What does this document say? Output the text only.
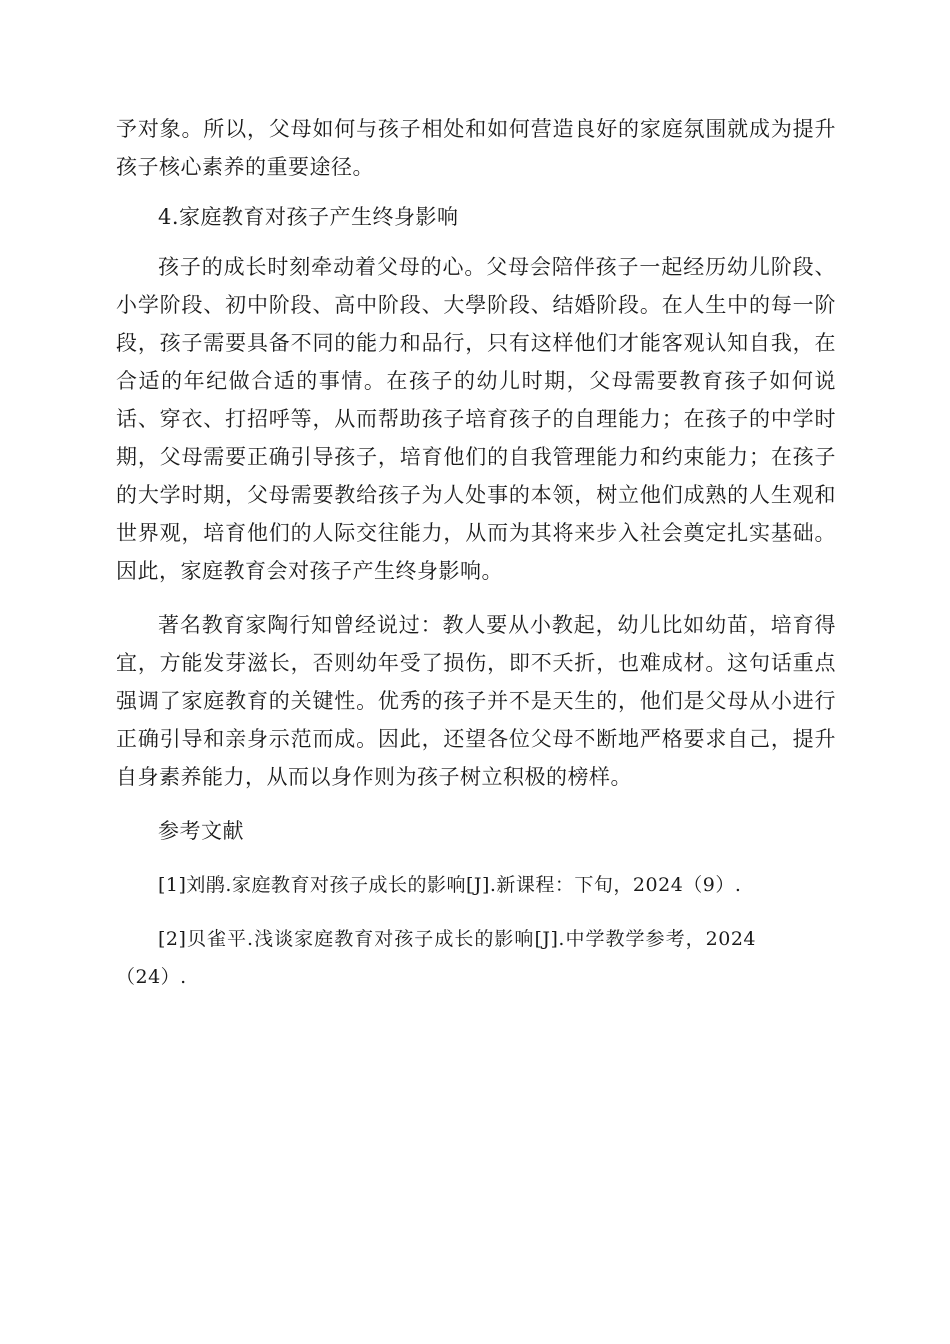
予对象。所以，父母如何与孩子相处和如何营造良好的家庭氛围就成为提升孩子核心素养的重要途径。

4.家庭教育对孩子产生终身影响

孩子的成长时刻牵动着父母的心。父母会陪伴孩子一起经历幼儿阶段、小学阶段、初中阶段、高中阶段、大學阶段、结婚阶段。在人生中的每一阶段，孩子需要具备不同的能力和品行，只有这样他们才能客观认知自我，在合适的年纪做合适的事情。在孩子的幼儿时期，父母需要教育孩子如何说话、穿衣、打招呼等，从而帮助孩子培育孩子的自理能力；在孩子的中学时期，父母需要正确引导孩子，培育他们的自我管理能力和约束能力；在孩子的大学时期，父母需要教给孩子为人处事的本领，树立他们成熟的人生观和世界观，培育他们的人际交往能力，从而为其将来步入社会奠定扎实基础。因此，家庭教育会对孩子产生终身影响。

著名教育家陶行知曾经说过：教人要从小教起，幼儿比如幼苗，培育得宜，方能发芽滋长，否则幼年受了损伤，即不夭折，也难成材。这句话重点强调了家庭教育的关键性。优秀的孩子并不是天生的，他们是父母从小进行正确引导和亲身示范而成。因此，还望各位父母不断地严格要求自己，提升自身素养能力，从而以身作则为孩子树立积极的榜样。

参考文献

[1]刘鹃.家庭教育对孩子成长的影响[J].新课程：下旬，2024（9）.

[2]贝雀平.浅谈家庭教育对孩子成长的影响[J].中学教学参考，2024（24）.
